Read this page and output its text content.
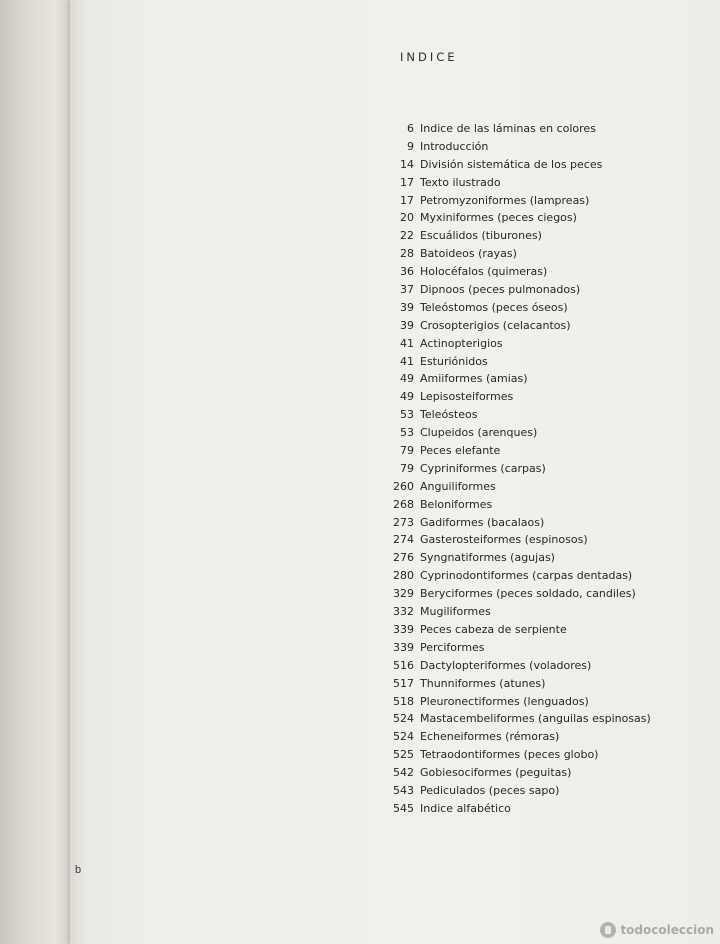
b
INDICE
6 Indice de las láminas en colores
9 Introducción
14 División sistemática de los peces
17 Texto ilustrado
17 Petromyzoniformes (lampreas)
20 Myxiniformes (peces ciegos)
22 Escuálidos (tiburones)
28 Batoideos (rayas)
36 Holocéfalos (quimeras)
37 Dipnoos (peces pulmonados)
39 Teleóstomos (peces óseos)
39 Crosopterigios (celacantos)
41 Actinopterigios
41 Esturiónidos
49 Amiiformes (amias)
49 Lepisosteiformes
53 Teleósteos
53 Clupeidos (arenques)
79 Peces elefante
79 Cypriniformes (carpas)
260 Anguiliformes
268 Beloniformes
273 Gadiformes (bacalaos)
274 Gasterosteiformes (espinosos)
276 Syngnatiformes (agujas)
280 Cyprinodontiformes (carpas dentadas)
329 Beryciformes (peces soldado, candiles)
332 Mugiliformes
339 Peces cabeza de serpiente
339 Perciformes
516 Dactylopteriformes (voladores)
517 Thunniformes (atunes)
518 Pleuronectiformes (lenguados)
524 Mastacembeliformes (anguilas espinosas)
524 Echeneiformes (rémoras)
525 Tetraodontiformes (peces globo)
542 Gobiesociformes (peguitas)
543 Pediculados (peces sapo)
545 Indice alfabético
todocoleccion
